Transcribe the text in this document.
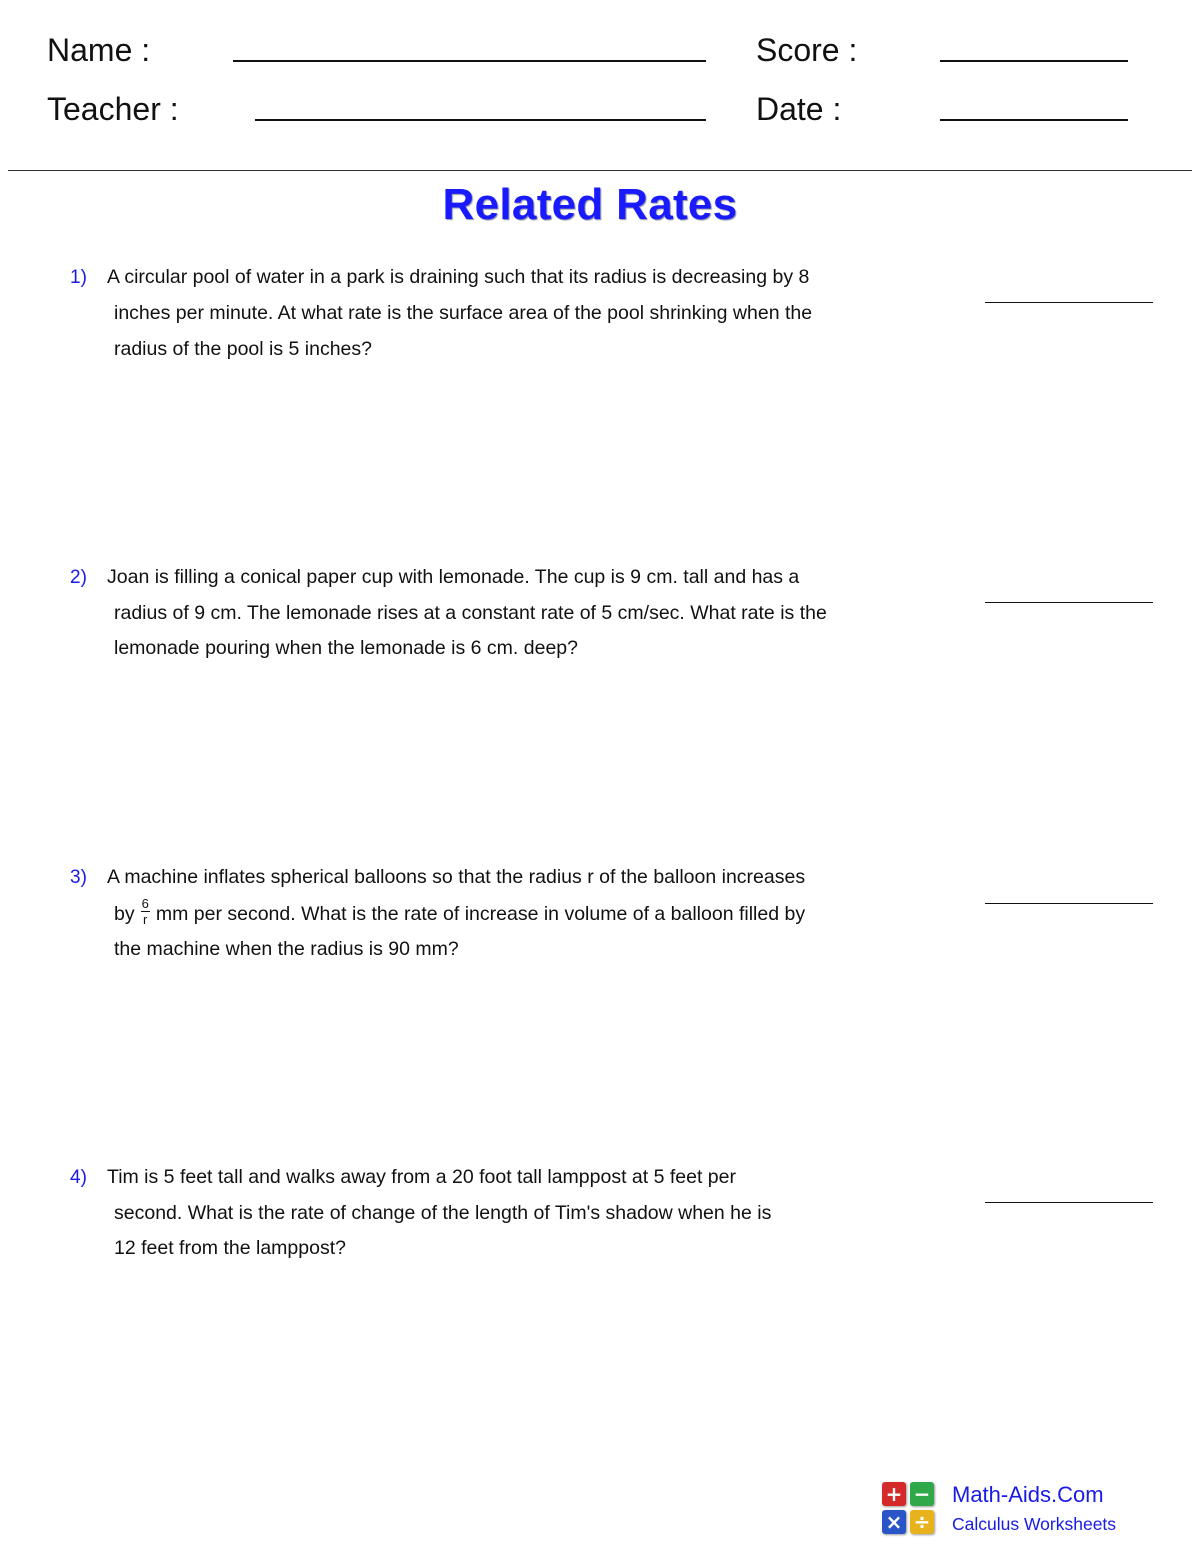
Name :	Score :
Teacher :	Date :
Related Rates
1) A circular pool of water in a park is draining such that its radius is decreasing by 8
inches per minute. At what rate is the surface area of the pool shrinking when the
radius of the pool is 5 inches?
2) Joan is filling a conical paper cup with lemonade. The cup is 9 cm. tall and has a
radius of 9 cm. The lemonade rises at a constant rate of 5 cm/sec. What rate is the
lemonade pouring when the lemonade is 6 cm. deep?
3) A machine inflates spherical balloons so that the radius r of the balloon increases
by $\frac{6}{r}$ mm per second. What is the rate of increase in volume of a balloon filled by
the machine when the radius is 90 mm?
4) Tim is 5 feet tall and walks away from a 20 foot tall lamppost at 5 feet per
second. What is the rate of change of the length of Tim's shadow when he is
12 feet from the lamppost?
+ −
× ÷
Math-Aids.Com
Calculus Worksheets
